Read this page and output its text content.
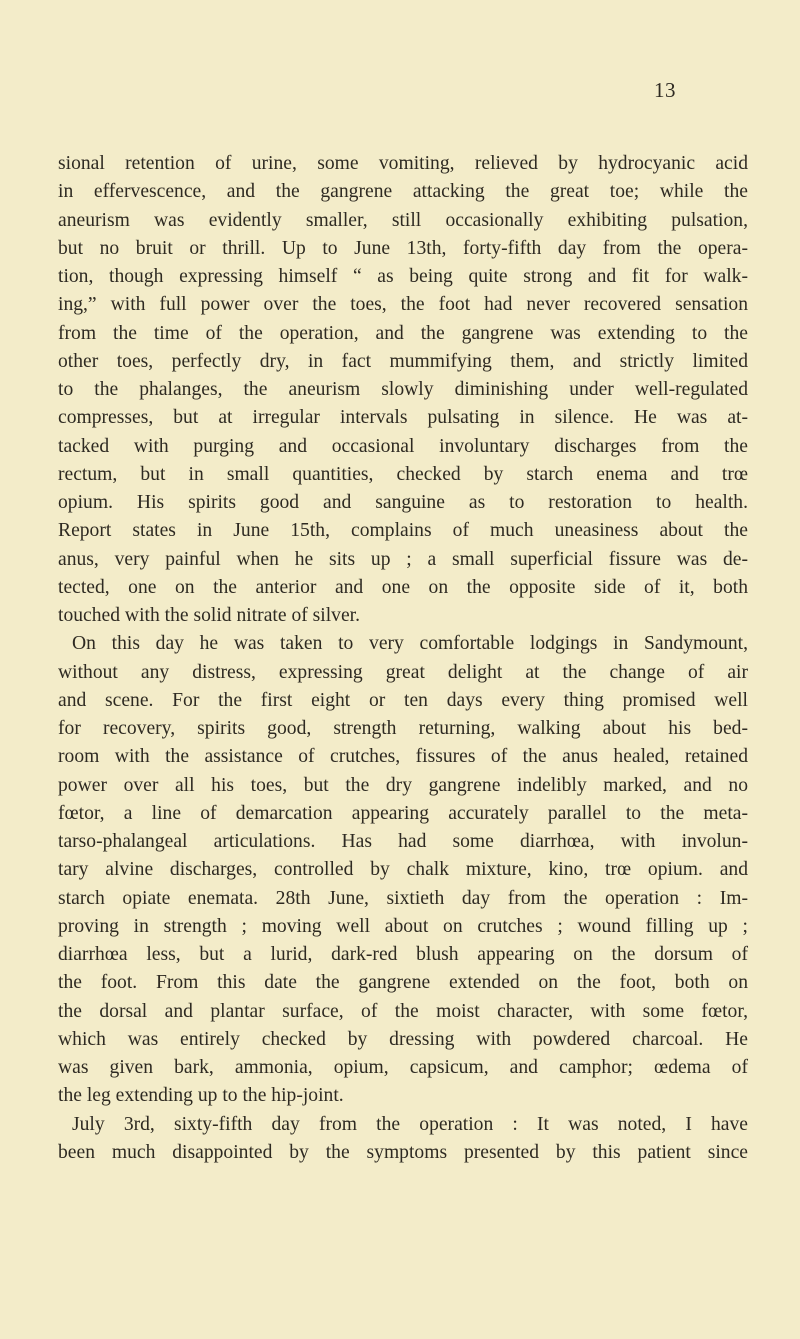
13
sional retention of urine, some vomiting, relieved by hydrocyanic acid
in effervescence, and the gangrene attacking the great toe; while the
aneurism was evidently smaller, still occasionally exhibiting pulsation,
but no bruit or thrill. Up to June 13th, forty-fifth day from the opera-
tion, though expressing himself “ as being quite strong and fit for walk-
ing,” with full power over the toes, the foot had never recovered sensation
from the time of the operation, and the gangrene was extending to the
other toes, perfectly dry, in fact mummifying them, and strictly limited
to the phalanges, the aneurism slowly diminishing under well-regulated
compresses, but at irregular intervals pulsating in silence. He was at-
tacked with purging and occasional involuntary discharges from the
rectum, but in small quantities, checked by starch enema and trœ
opium. His spirits good and sanguine as to restoration to health.
Report states in June 15th, complains of much uneasiness about the
anus, very painful when he sits up ; a small superficial fissure was de-
tected, one on the anterior and one on the opposite side of it, both
touched with the solid nitrate of silver.
On this day he was taken to very comfortable lodgings in Sandymount,
without any distress, expressing great delight at the change of air
and scene. For the first eight or ten days every thing promised well
for recovery, spirits good, strength returning, walking about his bed-
room with the assistance of crutches, fissures of the anus healed, retained
power over all his toes, but the dry gangrene indelibly marked, and no
fœtor, a line of demarcation appearing accurately parallel to the meta-
tarso-phalangeal articulations. Has had some diarrhœa, with involun-
tary alvine discharges, controlled by chalk mixture, kino, trœ opium. and
starch opiate enemata. 28th June, sixtieth day from the operation : Im-
proving in strength ; moving well about on crutches ; wound filling up ;
diarrhœa less, but a lurid, dark-red blush appearing on the dorsum of
the foot. From this date the gangrene extended on the foot, both on
the dorsal and plantar surface, of the moist character, with some fœtor,
which was entirely checked by dressing with powdered charcoal. He
was given bark, ammonia, opium, capsicum, and camphor; œdema of
the leg extending up to the hip-joint.
July 3rd, sixty-fifth day from the operation : It was noted, I have
been much disappointed by the symptoms presented by this patient since
